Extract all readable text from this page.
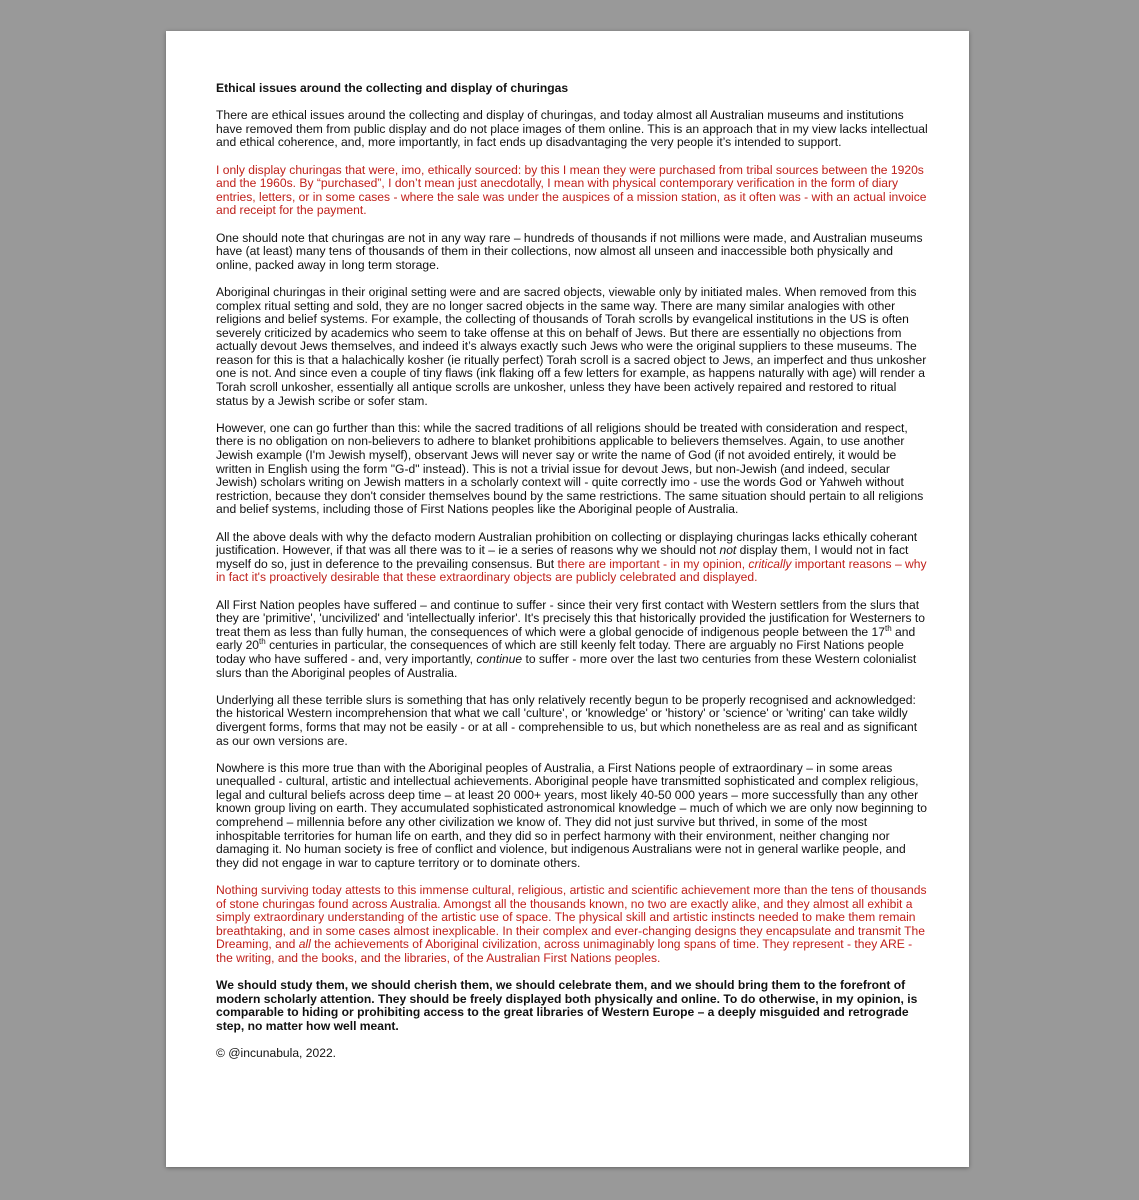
Ethical issues around the collecting and display of churingas

There are ethical issues around the collecting and display of churingas, and today almost all Australian museums and institutions have removed them from public display and do not place images of them online. This is an approach that in my view lacks intellectual and ethical coherence, and, more importantly, in fact ends up disadvantaging the very people it’s intended to support.

I only display churingas that were, imo, ethically sourced: by this I mean they were purchased from tribal sources between the 1920s and the 1960s. By “purchased”, I don’t mean just anecdotally, I mean with physical contemporary verification in the form of diary entries, letters, or in some cases - where the sale was under the auspices of a mission station, as it often was - with an actual invoice and receipt for the payment.

One should note that churingas are not in any way rare – hundreds of thousands if not millions were made, and Australian museums have (at least) many tens of thousands of them in their collections, now almost all unseen and inaccessible both physically and online, packed away in long term storage.

Aboriginal churingas in their original setting were and are sacred objects, viewable only by initiated males. When removed from this complex ritual setting and sold, they are no longer sacred objects in the same way. There are many similar analogies with other religions and belief systems. For example, the collecting of thousands of Torah scrolls by evangelical institutions in the US is often severely criticized by academics who seem to take offense at this on behalf of Jews. But there are essentially no objections from actually devout Jews themselves, and indeed it’s always exactly such Jews who were the original suppliers to these museums. The reason for this is that a halachically kosher (ie ritually perfect) Torah scroll is a sacred object to Jews, an imperfect and thus unkosher one is not. And since even a couple of tiny flaws (ink flaking off a few letters for example, as happens naturally with age) will render a Torah scroll unkosher, essentially all antique scrolls are unkosher, unless they have been actively repaired and restored to ritual status by a Jewish scribe or sofer stam.

However, one can go further than this: while the sacred traditions of all religions should be treated with consideration and respect, there is no obligation on non-believers to adhere to blanket prohibitions applicable to believers themselves. Again, to use another Jewish example (I'm Jewish myself), observant Jews will never say or write the name of God (if not avoided entirely, it would be written in English using the form "G-d" instead). This is not a trivial issue for devout Jews, but non-Jewish (and indeed, secular Jewish) scholars writing on Jewish matters in a scholarly context will - quite correctly imo - use the words God or Yahweh without restriction, because they don't consider themselves bound by the same restrictions. The same situation should pertain to all religions and belief systems, including those of First Nations peoples like the Aboriginal people of Australia.

All the above deals with why the defacto modern Australian prohibition on collecting or displaying churingas lacks ethically coherant justification. However, if that was all there was to it – ie a series of reasons why we should not not display them, I would not in fact myself do so, just in deference to the prevailing consensus. But there are important - in my opinion, critically important reasons – why in fact it's proactively desirable that these extraordinary objects are publicly celebrated and displayed.

All First Nation peoples have suffered – and continue to suffer - since their very first contact with Western settlers from the slurs that they are 'primitive', 'uncivilized' and 'intellectually inferior'. It's precisely this that historically provided the justification for Westerners to treat them as less than fully human, the consequences of which were a global genocide of indigenous people between the 17th and early 20th centuries in particular, the consequences of which are still keenly felt today. There are arguably no First Nations people today who have suffered - and, very importantly, continue to suffer - more over the last two centuries from these Western colonialist slurs than the Aboriginal peoples of Australia.

Underlying all these terrible slurs is something that has only relatively recently begun to be properly recognised and acknowledged: the historical Western incomprehension that what we call 'culture', or 'knowledge' or 'history' or 'science' or 'writing' can take wildly divergent forms, forms that may not be easily - or at all - comprehensible to us, but which nonetheless are as real and as significant as our own versions are.

Nowhere is this more true than with the Aboriginal peoples of Australia, a First Nations people of extraordinary – in some areas unequalled - cultural, artistic and intellectual achievements. Aboriginal people have transmitted sophisticated and complex religious, legal and cultural beliefs across deep time – at least 20 000+ years, most likely 40-50 000 years – more successfully than any other known group living on earth. They accumulated sophisticated astronomical knowledge – much of which we are only now beginning to comprehend – millennia before any other civilization we know of. They did not just survive but thrived, in some of the most inhospitable territories for human life on earth, and they did so in perfect harmony with their environment, neither changing nor damaging it. No human society is free of conflict and violence, but indigenous Australians were not in general warlike people, and they did not engage in war to capture territory or to dominate others.

Nothing surviving today attests to this immense cultural, religious, artistic and scientific achievement more than the tens of thousands of stone churingas found across Australia. Amongst all the thousands known, no two are exactly alike, and they almost all exhibit a simply extraordinary understanding of the artistic use of space. The physical skill and artistic instincts needed to make them remain breathtaking, and in some cases almost inexplicable. In their complex and ever-changing designs they encapsulate and transmit The Dreaming, and all the achievements of Aboriginal civilization, across unimaginably long spans of time. They represent - they ARE - the writing, and the books, and the libraries, of the Australian First Nations peoples.

We should study them, we should cherish them, we should celebrate them, and we should bring them to the forefront of modern scholarly attention. They should be freely displayed both physically and online. To do otherwise, in my opinion, is comparable to hiding or prohibiting access to the great libraries of Western Europe – a deeply misguided and retrograde step, no matter how well meant.

© @incunabula, 2022.
